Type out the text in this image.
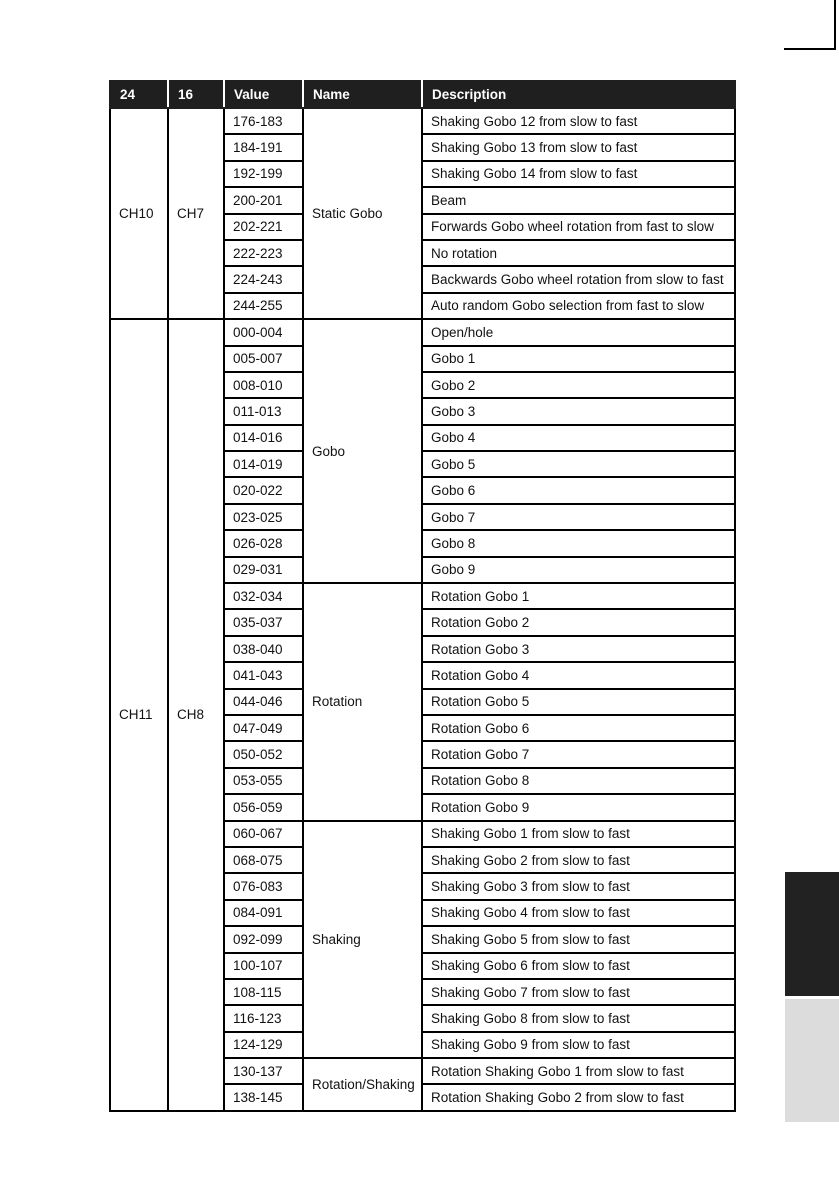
24	16	Value	Name	Description
CH10	CH7	176-183	Static Gobo	Shaking Gobo 12 from slow to fast
		184-191		Shaking Gobo 13 from slow to fast
		192-199		Shaking Gobo 14 from slow to fast
		200-201		Beam
		202-221		Forwards Gobo wheel rotation from fast to slow
		222-223		No rotation
		224-243		Backwards Gobo wheel rotation from slow to fast
		244-255		Auto random Gobo selection from fast to slow
CH11	CH8	000-004	Gobo	Open/hole
		005-007		Gobo 1
		008-010		Gobo 2
		011-013		Gobo 3
		014-016		Gobo 4
		014-019		Gobo 5
		020-022		Gobo 6
		023-025		Gobo 7
		026-028		Gobo 8
		029-031		Gobo 9
		032-034	Rotation	Rotation Gobo 1
		035-037		Rotation Gobo 2
		038-040		Rotation Gobo 3
		041-043		Rotation Gobo 4
		044-046		Rotation Gobo 5
		047-049		Rotation Gobo 6
		050-052		Rotation Gobo 7
		053-055		Rotation Gobo 8
		056-059		Rotation Gobo 9
		060-067	Shaking	Shaking Gobo 1 from slow to fast
		068-075		Shaking Gobo 2 from slow to fast
		076-083		Shaking Gobo 3 from slow to fast
		084-091		Shaking Gobo 4 from slow to fast
		092-099		Shaking Gobo 5 from slow to fast
		100-107		Shaking Gobo 6 from slow to fast
		108-115		Shaking Gobo 7 from slow to fast
		116-123		Shaking Gobo 8 from slow to fast
		124-129		Shaking Gobo 9 from slow to fast
		130-137	Rotation/Shaking	Rotation Shaking Gobo 1 from slow to fast
		138-145		Rotation Shaking Gobo 2 from slow to fast
